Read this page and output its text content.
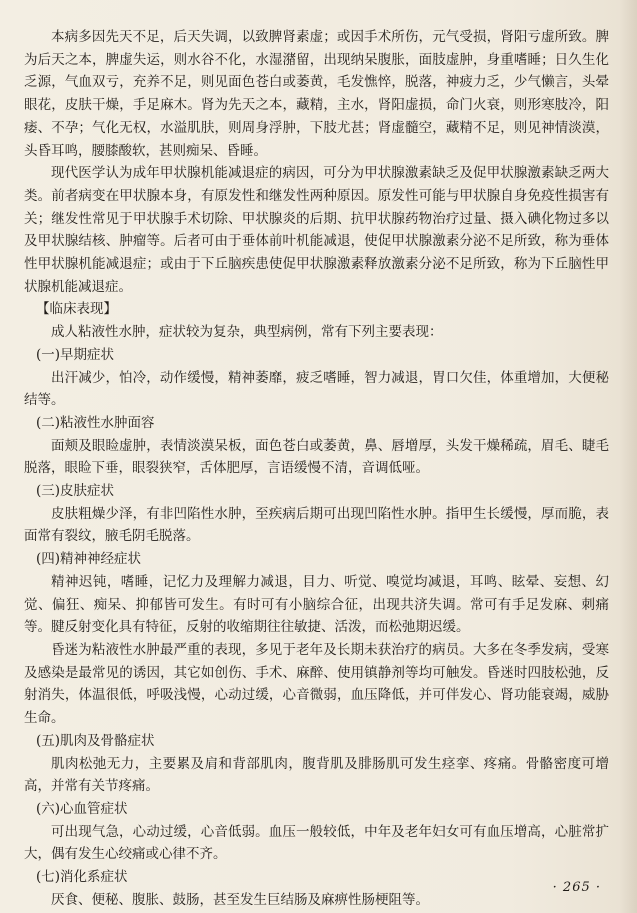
本病多因先天不足，后天失调，以致脾肾素虚；或因手术所伤，元气受损，肾阳亏虚所致。脾为后天之本，脾虚失运，则水谷不化，水湿潴留，出现纳呆腹胀，面肢虚肿，身重嗜睡；日久生化乏源，气血双亏，充养不足，则见面色苍白或萎黄，毛发憔悴，脱落，神疲力乏，少气懒言，头晕眼花，皮肤干燥，手足麻木。肾为先天之本，藏精，主水，肾阳虚损，命门火衰，则形寒肢冷，阳痿、不孕；气化无权，水溢肌肤，则周身浮肿，下肢尤甚；肾虚髓空，藏精不足，则见神情淡漠，头昏耳鸣，腰膝酸软，甚则痴呆、昏睡。

现代医学认为成年甲状腺机能减退症的病因，可分为甲状腺激素缺乏及促甲状腺激素缺乏两大类。前者病变在甲状腺本身，有原发性和继发性两种原因。原发性可能与甲状腺自身免疫性损害有关；继发性常见于甲状腺手术切除、甲状腺炎的后期、抗甲状腺药物治疗过量、摄入碘化物过多以及甲状腺结核、肿瘤等。后者可由于垂体前叶机能减退，使促甲状腺激素分泌不足所致，称为垂体性甲状腺机能减退症；或由于下丘脑疾患使促甲状腺激素释放激素分泌不足所致，称为下丘脑性甲状腺机能减退症。

【临床表现】

成人粘液性水肿，症状较为复杂，典型病例，常有下列主要表现：

(一)早期症状

出汗减少，怕冷，动作缓慢，精神萎靡，疲乏嗜睡，智力减退，胃口欠佳，体重增加，大便秘结等。

(二)粘液性水肿面容

面颊及眼睑虚肿，表情淡漠呆板，面色苍白或萎黄，鼻、唇增厚，头发干燥稀疏，眉毛、睫毛脱落，眼睑下垂，眼裂狭窄，舌体肥厚，言语缓慢不清，音调低哑。

(三)皮肤症状

皮肤粗燥少泽，有非凹陷性水肿，至疾病后期可出现凹陷性水肿。指甲生长缓慢，厚而脆，表面常有裂纹，腋毛阴毛脱落。

(四)精神神经症状

精神迟钝，嗜睡，记忆力及理解力减退，目力、听觉、嗅觉均减退，耳鸣、眩晕、妄想、幻觉、偏狂、痴呆、抑郁皆可发生。有时可有小脑综合征，出现共济失调。常可有手足发麻、刺痛等。腱反射变化具有特征，反射的收缩期往往敏捷、活泼，而松弛期迟缓。

昏迷为粘液性水肿最严重的表现，多见于老年及长期未获治疗的病员。大多在冬季发病，受寒及感染是最常见的诱因，其它如创伤、手术、麻醉、使用镇静剂等均可触发。昏迷时四肢松弛，反射消失，体温很低，呼吸浅慢，心动过缓，心音微弱，血压降低，并可伴发心、肾功能衰竭，威胁生命。

(五)肌肉及骨骼症状

肌肉松弛无力，主要累及肩和背部肌肉，腹背肌及腓肠肌可发生痉挛、疼痛。骨骼密度可增高，并常有关节疼痛。

(六)心血管症状

可出现气急，心动过缓，心音低弱。血压一般较低，中年及老年妇女可有血压增高，心脏常扩大，偶有发生心绞痛或心律不齐。

(七)消化系症状

厌食、便秘、腹胀、鼓肠，甚至发生巨结肠及麻痹性肠梗阻等。

· 265 ·
